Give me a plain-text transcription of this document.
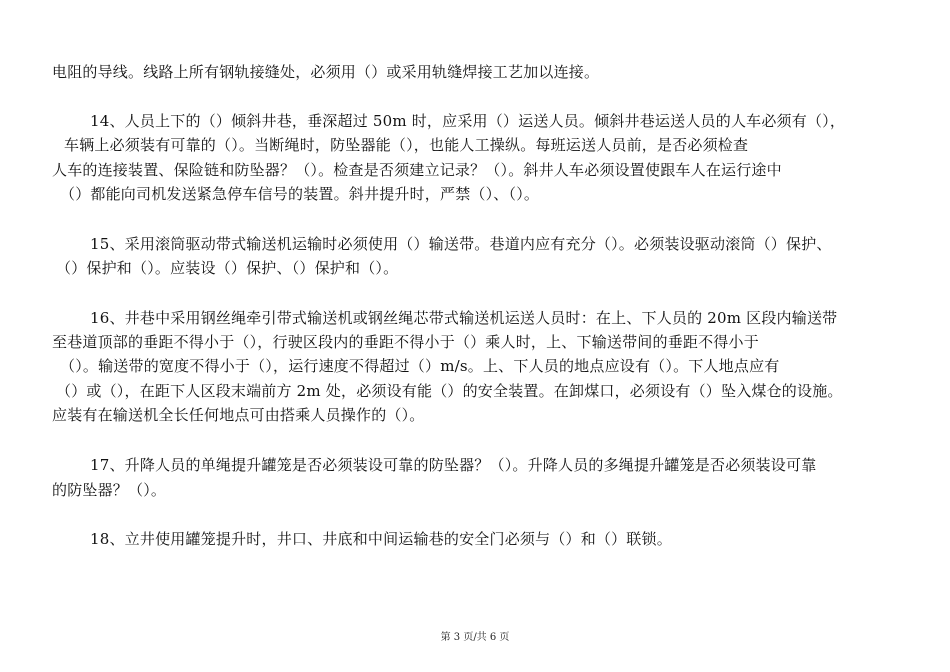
电阻的导线。线路上所有钢轨接缝处，必须用（）或采用轨缝焊接工艺加以连接。
14、人员上下的（）倾斜井巷，垂深超过 50m 时，应采用（）运送人员。倾斜井巷运送人员的人车必须有（），
车辆上必须装有可靠的（）。当断绳时，防坠器能（），也能人工操纵。每班运送人员前，是否必须检查
人车的连接装置、保险链和防坠器？（）。检查是否须建立记录？（）。斜井人车必须设置使跟车人在运行途中
（）都能向司机发送紧急停车信号的装置。斜井提升时，严禁（）、（）。
15、采用滚筒驱动带式输送机运输时必须使用（）输送带。巷道内应有充分（）。必须装设驱动滚筒（）保护、
（）保护和（）。应装设（）保护、（）保护和（）。
16、井巷中采用钢丝绳牵引带式输送机或钢丝绳芯带式输送机运送人员时：在上、下人员的 20m 区段内输送带
至巷道顶部的垂距不得小于（），行驶区段内的垂距不得小于（）乘人时，上、下输送带间的垂距不得小于
（）。输送带的宽度不得小于（），运行速度不得超过（）m/s。上、下人员的地点应设有（）。下人地点应有
（）或（），在距下人区段末端前方 2m 处，必须设有能（）的安全装置。在卸煤口，必须设有（）坠入煤仓的设施。
应装有在输送机全长任何地点可由搭乘人员操作的（）。
17、升降人员的单绳提升罐笼是否必须装设可靠的防坠器？（）。升降人员的多绳提升罐笼是否必须装设可靠
的防坠器？（）。
18、立井使用罐笼提升时，井口、井底和中间运输巷的安全门必须与（）和（）联锁。
第 3 页/共 6 页
